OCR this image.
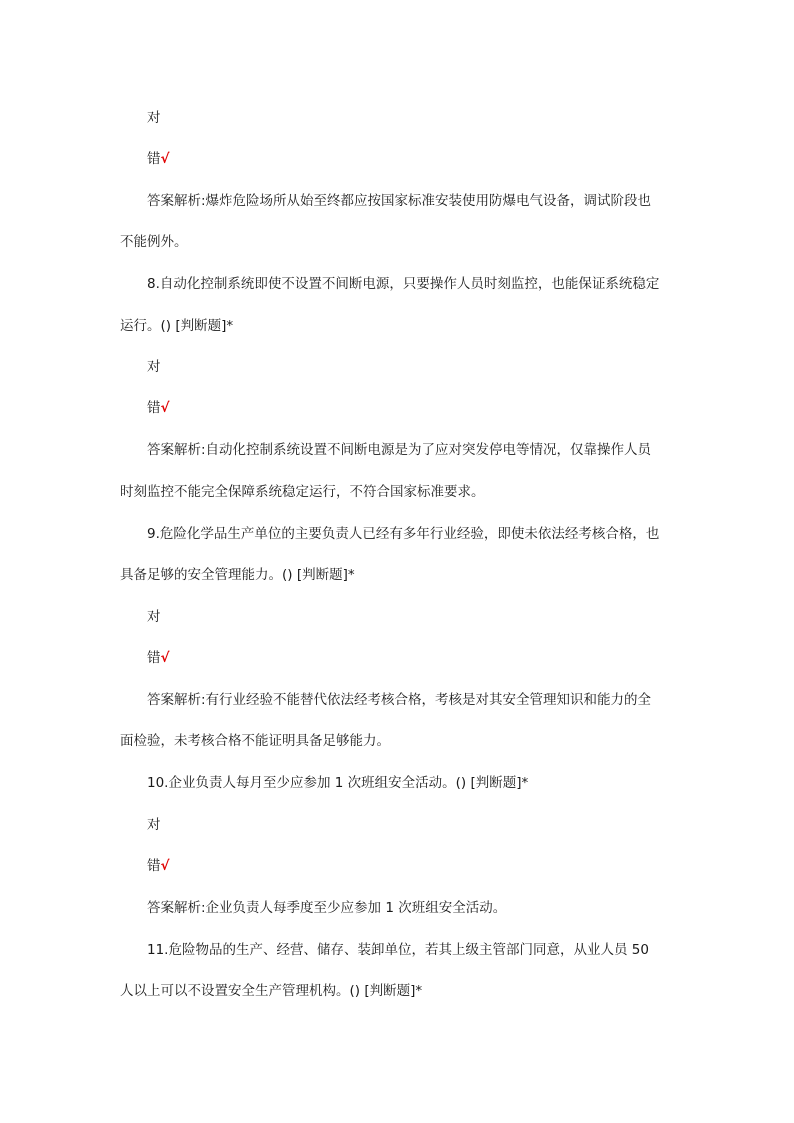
对
错√
答案解析:爆炸危险场所从始至终都应按国家标准安装使用防爆电气设备，调试阶段也
不能例外。
8.自动化控制系统即使不设置不间断电源，只要操作人员时刻监控，也能保证系统稳定
运行。() [判断题]*
对
错√
答案解析:自动化控制系统设置不间断电源是为了应对突发停电等情况，仅靠操作人员
时刻监控不能完全保障系统稳定运行，不符合国家标准要求。
9.危险化学品生产单位的主要负责人已经有多年行业经验，即使未依法经考核合格，也
具备足够的安全管理能力。() [判断题]*
对
错√
答案解析:有行业经验不能替代依法经考核合格，考核是对其安全管理知识和能力的全
面检验，未考核合格不能证明具备足够能力。
10.企业负责人每月至少应参加 1 次班组安全活动。() [判断题]*
对
错√
答案解析:企业负责人每季度至少应参加 1 次班组安全活动。
11.危险物品的生产、经营、储存、装卸单位，若其上级主管部门同意，从业人员 50
人以上可以不设置安全生产管理机构。() [判断题]*
